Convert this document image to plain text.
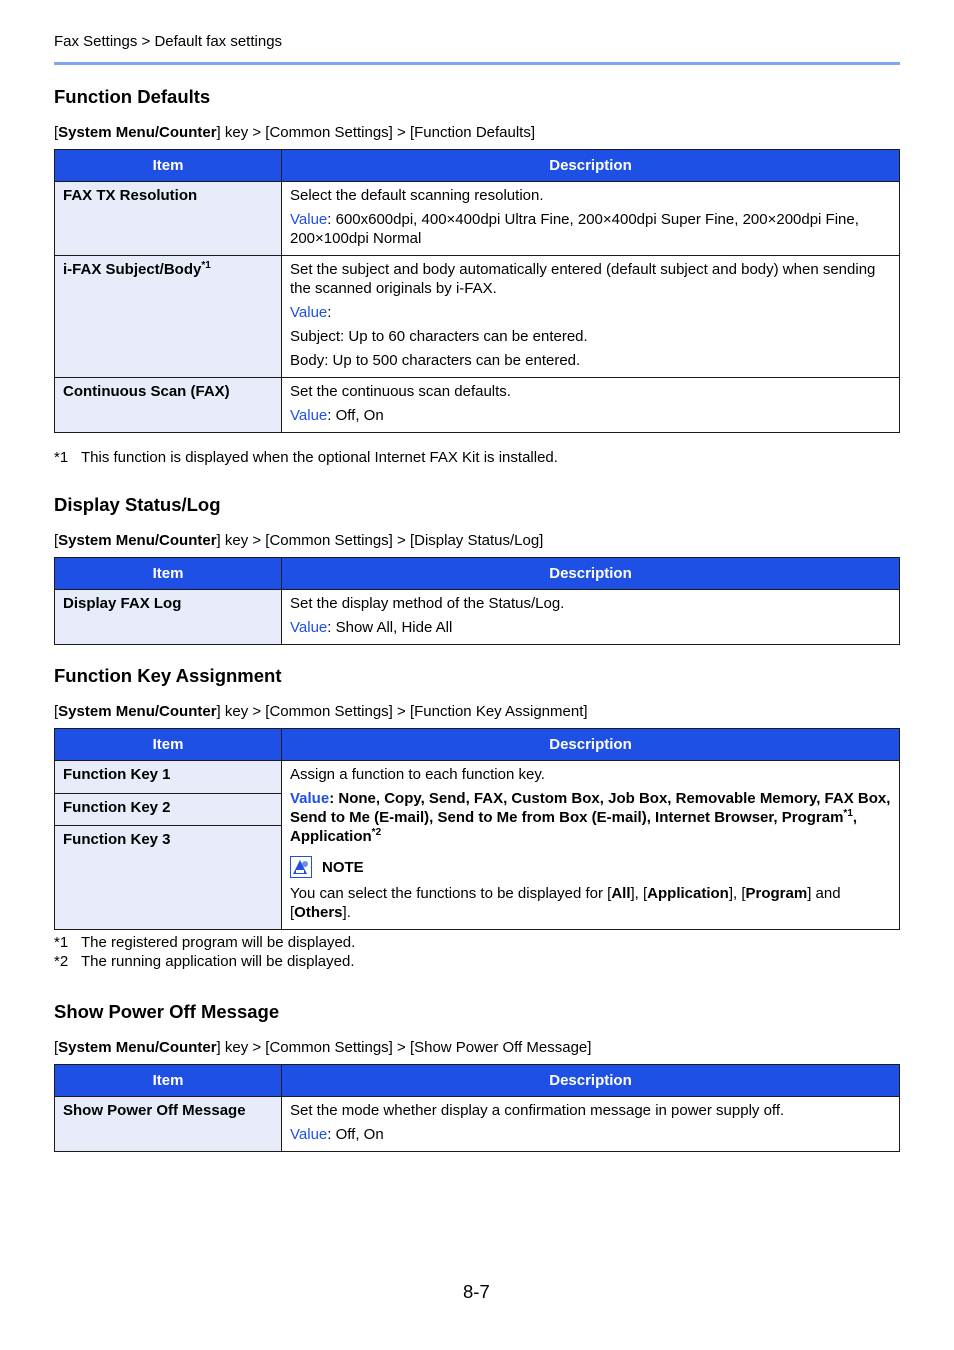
Fax Settings > Default fax settings
Function Defaults
[System Menu/Counter] key > [Common Settings] > [Function Defaults]
Item	Description
FAX TX Resolution	Select the default scanning resolution.

Value: 600x600dpi, 400×400dpi Ultra Fine, 200×400dpi Super Fine, 200×200dpi Fine, 200×100dpi Normal

i-FAX Subject/Body$^{*1}$	Set the subject and body automatically entered (default subject and body) when sending the scanned originals by i-FAX.

Value:

Subject: Up to 60 characters can be entered.

Body: Up to 500 characters can be entered.

Continuous Scan (FAX)	Set the continuous scan defaults.

Value: Off, On

*1 This function is displayed when the optional Internet FAX Kit is installed.
Display Status/Log
[System Menu/Counter] key > [Common Settings] > [Display Status/Log]
Item	Description
Display FAX Log	Set the display method of the Status/Log.

Value: Show All, Hide All

Function Key Assignment
[System Menu/Counter] key > [Common Settings] > [Function Key Assignment]
Item	Description
Function Key 1	Assign a function to each function key.

Value: None, Copy, Send, FAX, Custom Box, Job Box, Removable Memory, FAX Box, Send to Me (E-mail), Send to Me from Box (E-mail), Internet Browser, Program$^{*1}$, Application$^{*2}$

NOTE

You can select the functions to be displayed for [All], [Application], [Program] and [Others].

Function Key 2	
Function Key 3	
*1 The registered program will be displayed.
*2 The running application will be displayed.
Show Power Off Message
[System Menu/Counter] key > [Common Settings] > [Show Power Off Message]
Item	Description
Show Power Off Message	Set the mode whether display a confirmation message in power supply off.

Value: Off, On

8-7
